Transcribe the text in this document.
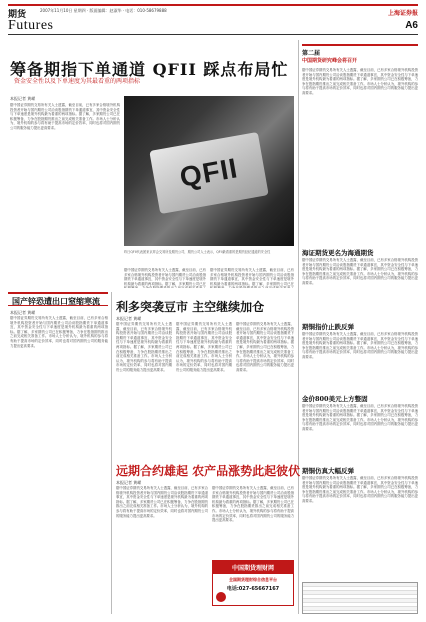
期货	2007年11月10日 星期四 · 版面编辑：赵淑华 · 电话：010-58679888
Futures
上海证券报
A6
筹备期指下单通道 QFII 踩点布局忙
资金安全性以及下单速度为其最看重的两项指标
本报记者 黄嵘
据中国证券期货交易所有关人士透露，截至目前，已有多家合格境外机构投资者开始与国内期货公司洽谈股指期货下单通道事宜，其中资金安全性与下单速度是境外机构最为看重的两项指标。据了解，多家期货公司已在积极筹备，力争在股指期货推出之前完成相关准备工作。市场人士分析认为，境外机构的参与将有助于提高市场的定价效率，同时也将对国内期货公司的服务能力提出更高要求。
QFII
昨日QFII代表团来京拜会交易所及期货公司，期货公司人士表示，QFII最看重的是期货经纪通道的安全性
据中国证券期货交易所有关人士透露，截至目前，已有多家合格境外机构投资者开始与国内期货公司洽谈股指期货下单通道事宜，其中资金安全性与下单速度是境外机构最为看重的两项指标。据了解，多家期货公司已在
据中国证券期货交易所有关人士透露，截至目前，已有多家合格境外机构投资者开始与国内期货公司洽谈股指期货下单通道事宜，其中资金安全性与下单速度是境外机构最为看重的两项指标。据了解，多家期货公司已在
国产锌恐遭出口窒缩寒流
本报记者 黄嵘
据中国证券期货交易所有关人士透露，截至目前，已有多家合格境外机构投资者开始与国内期货公司洽谈股指期货下单通道事宜，其中资金安全性与下单速度是境外机构最为看重的两项指标。据了解，多家期货公司已在积极筹备，力争在股指期货推出之前完成相关准备工作。市场人士分析认为，境外机构的参与将有助于提高市场的定价效率，同时也将对国内期货公司的服务能力提出更高要求。
利多突袭豆市 主空继续加仓
本报记者 黄嵘
据中国证券期货交易所有关人士透露，截至目前，已有多家合格境外机构投资者开始与国内期货公司洽谈股指期货下单通道事宜，其中资金安全性与下单速度是境外机构最为看重的两项指标。据了解，多家期货公司已在积极筹备，力争在股指期货推出之前完成相关准备工作。市场人士分析认为，境外机构的参与将有助于提高市场的定价效率，同时也将对国内期货公司的服务能力提出更高要求。
据中国证券期货交易所有关人士透露，截至目前，已有多家合格境外机构投资者开始与国内期货公司洽谈股指期货下单通道事宜，其中资金安全性与下单速度是境外机构最为看重的两项指标。据了解，多家期货公司已在积极筹备，力争在股指期货推出之前完成相关准备工作。市场人士分析认为，境外机构的参与将有助于提高市场的定价效率，同时也将对国内期货公司的服务能力提出更高要求。
据中国证券期货交易所有关人士透露，截至目前，已有多家合格境外机构投资者开始与国内期货公司洽谈股指期货下单通道事宜，其中资金安全性与下单速度是境外机构最为看重的两项指标。据了解，多家期货公司已在积极筹备，力争在股指期货推出之前完成相关准备工作。市场人士分析认为，境外机构的参与将有助于提高市场的定价效率，同时也将对国内期货公司的服务能力提出更高要求。
远期合约雄起 农产品涨势此起彼伏
本报记者 黄嵘
据中国证券期货交易所有关人士透露，截至目前，已有多家合格境外机构投资者开始与国内期货公司洽谈股指期货下单通道事宜，其中资金安全性与下单速度是境外机构最为看重的两项指标。据了解，多家期货公司已在积极筹备，力争在股指期货推出之前完成相关准备工作。市场人士分析认为，境外机构的参与将有助于提高市场的定价效率，同时也将对国内期货公司的服务能力提出更高要求。
据中国证券期货交易所有关人士透露，截至目前，已有多家合格境外机构投资者开始与国内期货公司洽谈股指期货下单通道事宜，其中资金安全性与下单速度是境外机构最为看重的两项指标。据了解，多家期货公司已在积极筹备，力争在股指期货推出之前完成相关准备工作。市场人士分析认为，境外机构的参与将有助于提高市场的定价效率，同时也将对国内期货公司的服务能力提出更高要求。
中国期货理财网
全国期货理财综合信息平台
电话:027-65667167
第二届
中国期货研究峰会将召开
据中国证券期货交易所有关人士透露，截至目前，已有多家合格境外机构投资者开始与国内期货公司洽谈股指期货下单通道事宜，其中资金安全性与下单速度是境外机构最为看重的两项指标。据了解，多家期货公司已在积极筹备，力争在股指期货推出之前完成相关准备工作。市场人士分析认为，境外机构的参与将有助于提高市场的定价效率，同时也将对国内期货公司的服务能力提出更高要求。
海证期货更名为海通期货
据中国证券期货交易所有关人士透露，截至目前，已有多家合格境外机构投资者开始与国内期货公司洽谈股指期货下单通道事宜，其中资金安全性与下单速度是境外机构最为看重的两项指标。据了解，多家期货公司已在积极筹备，力争在股指期货推出之前完成相关准备工作。市场人士分析认为，境外机构的参与将有助于提高市场的定价效率，同时也将对国内期货公司的服务能力提出更高要求。
期铜指价止跌反弹
据中国证券期货交易所有关人士透露，截至目前，已有多家合格境外机构投资者开始与国内期货公司洽谈股指期货下单通道事宜，其中资金安全性与下单速度是境外机构最为看重的两项指标。据了解，多家期货公司已在积极筹备，力争在股指期货推出之前完成相关准备工作。市场人士分析认为，境外机构的参与将有助于提高市场的定价效率，同时也将对国内期货公司的服务能力提出更高要求。
金价800美元上方整固
据中国证券期货交易所有关人士透露，截至目前，已有多家合格境外机构投资者开始与国内期货公司洽谈股指期货下单通道事宜，其中资金安全性与下单速度是境外机构最为看重的两项指标。据了解，多家期货公司已在积极筹备，力争在股指期货推出之前完成相关准备工作。市场人士分析认为，境外机构的参与将有助于提高市场的定价效率，同时也将对国内期货公司的服务能力提出更高要求。
期铜仿真大幅反弹
据中国证券期货交易所有关人士透露，截至目前，已有多家合格境外机构投资者开始与国内期货公司洽谈股指期货下单通道事宜，其中资金安全性与下单速度是境外机构最为看重的两项指标。据了解，多家期货公司已在积极筹备，力争在股指期货推出之前完成相关准备工作。市场人士分析认为，境外机构的参与将有助于提高市场的定价效率，同时也将对国内期货公司的服务能力提出更高要求。
